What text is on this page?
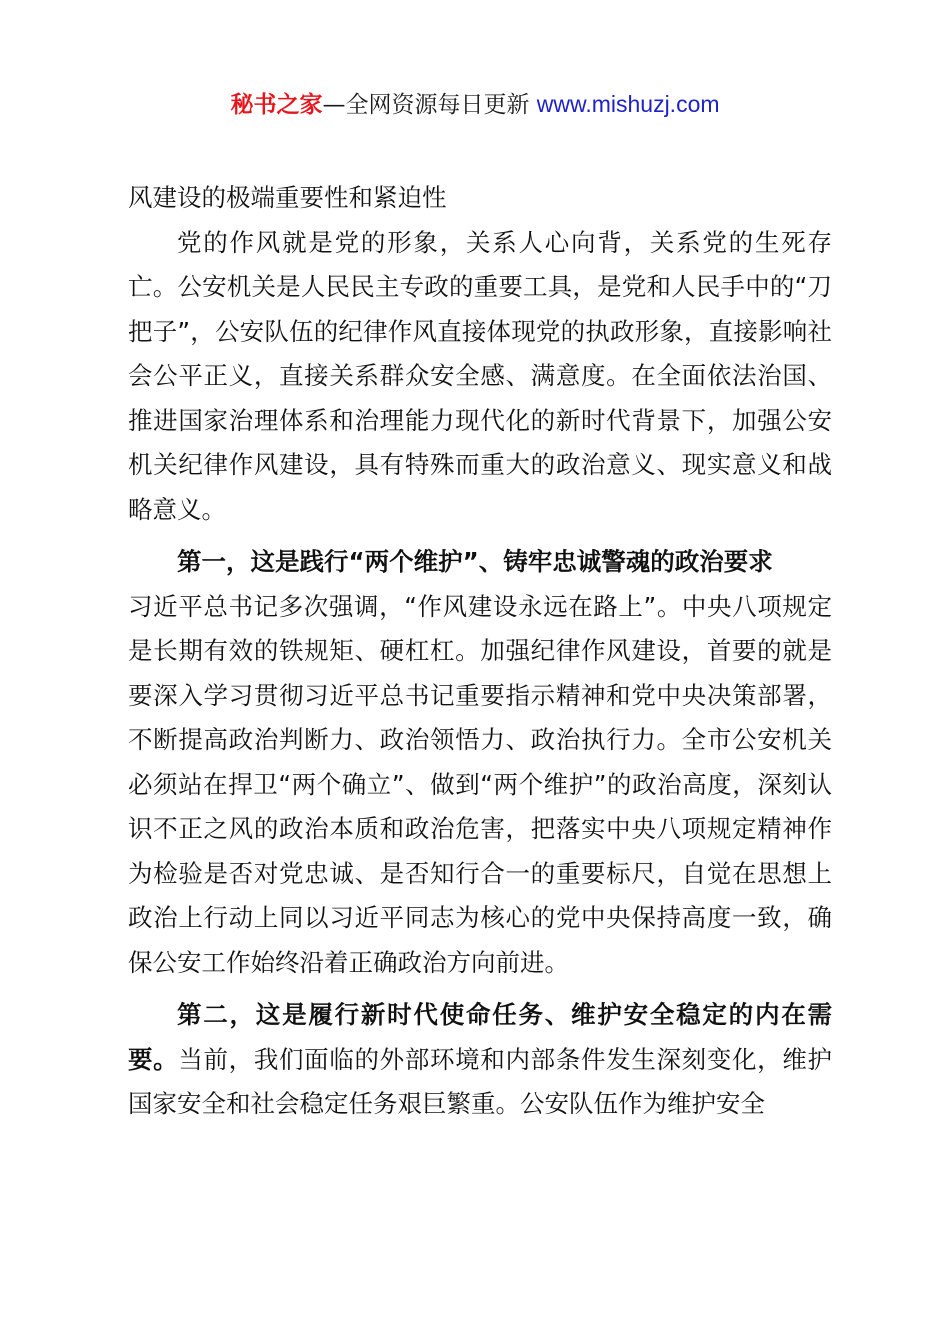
秘书之家—全网资源每日更新 www.mishuzj.com

风建设的极端重要性和紧迫性

党的作风就是党的形象，关系人心向背，关系党的生死存亡。公安机关是人民民主专政的重要工具，是党和人民手中的“刀把子”，公安队伍的纪律作风直接体现党的执政形象，直接影响社会公平正义，直接关系群众安全感、满意度。在全面依法治国、推进国家治理体系和治理能力现代化的新时代背景下，加强公安机关纪律作风建设，具有特殊而重大的政治意义、现实意义和战略意义。

第一，这是践行“两个维护”、铸牢忠诚警魂的政治要求

习近平总书记多次强调，“作风建设永远在路上”。中央八项规定是长期有效的铁规矩、硬杠杠。加强纪律作风建设，首要的就是要深入学习贯彻习近平总书记重要指示精神和党中央决策部署，不断提高政治判断力、政治领悟力、政治执行力。全市公安机关必须站在捍卫“两个确立”、做到“两个维护”的政治高度，深刻认识不正之风的政治本质和政治危害，把落实中央八项规定精神作为检验是否对党忠诚、是否知行合一的重要标尺，自觉在思想上政治上行动上同以习近平同志为核心的党中央保持高度一致，确保公安工作始终沿着正确政治方向前进。

第二，这是履行新时代使命任务、维护安全稳定的内在需要。当前，我们面临的外部环境和内部条件发生深刻变化，维护国家安全和社会稳定任务艰巨繁重。公安队伍作为维护安全
